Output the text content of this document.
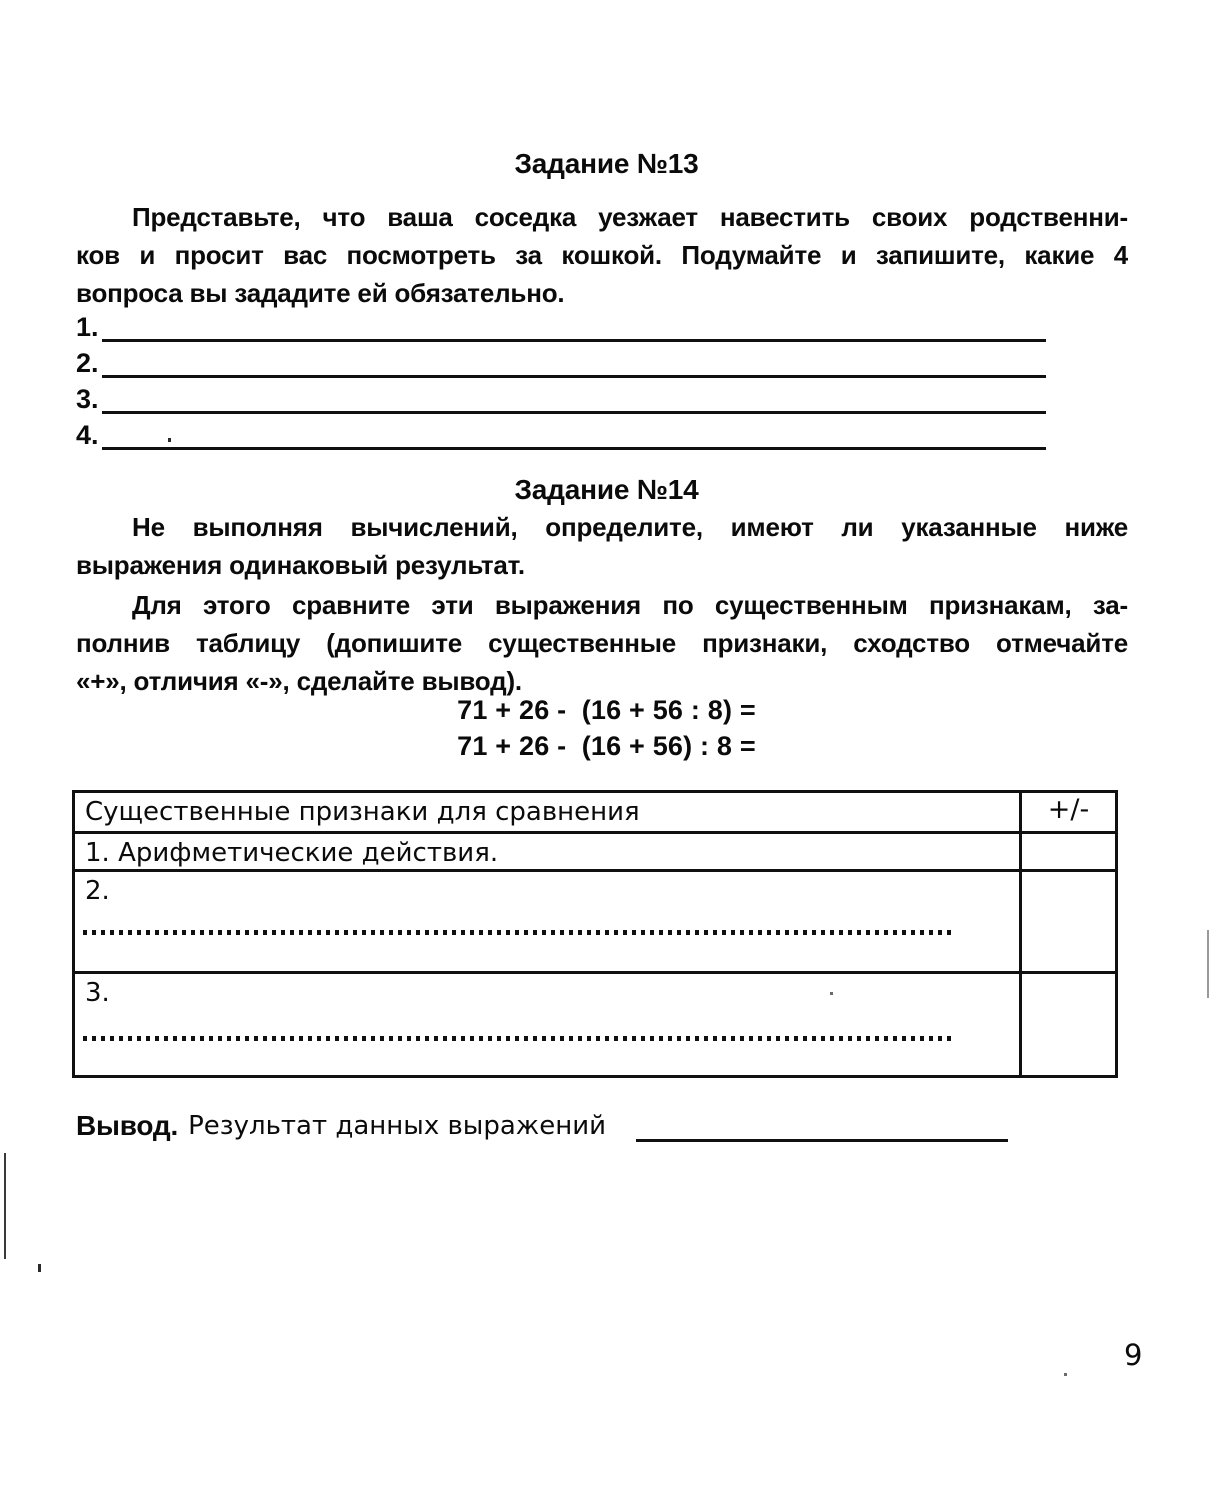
Задание №13
Представьте, что ваша соседка уезжает навестить своих родственни-
ков и просит вас посмотреть за кошкой. Подумайте и запишите, какие 4
вопроса вы зададите ей обязательно.
1.
2.
3.
4.
Задание №14
Не выполняя вычислений, определите, имеют ли указанные ниже
выражения одинаковый результат.
Для этого сравните эти выражения по существенным признакам, за-
полнив таблицу (допишите существенные признаки, сходство отмечайте
«+», отличия «-», сделайте вывод).
71 + 26 -  (16 + 56 : 8) =
71 + 26 -  (16 + 56) : 8 =
Существенные признаки для сравнения	+/-
1. Арифметические действия.
2.
3.
Вывод. Результат данных выражений
9
